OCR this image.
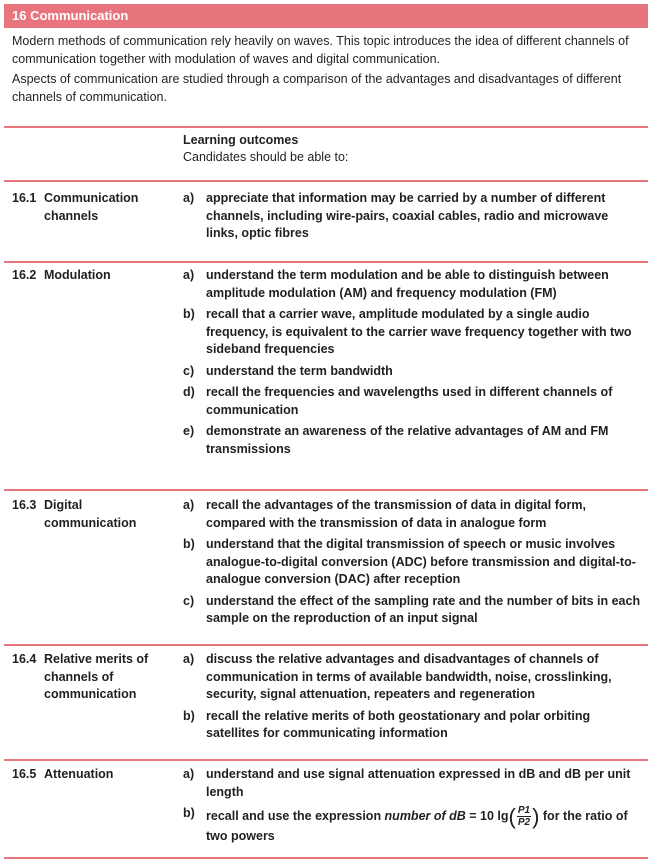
16 Communication

Modern methods of communication rely heavily on waves. This topic introduces the idea of different channels of communication together with modulation of waves and digital communication.

Aspects of communication are studied through a comparison of the advantages and disadvantages of different channels of communication.

Learning outcomes
Candidates should be able to:
16.1 Communication channels
a) appreciate that information may be carried by a number of different channels, including wire-pairs, coaxial cables, radio and microwave links, optic fibres
16.2 Modulation	a) understand the term modulation and be able to distinguish between amplitude modulation (AM) and frequency modulation (FM)
b) recall that a carrier wave, amplitude modulated by a single audio frequency, is equivalent to the carrier wave frequency together with two sideband frequencies
c) understand the term bandwidth
d) recall the frequencies and wavelengths used in different channels of communication
e) demonstrate an awareness of the relative advantages of AM and FM transmissions
16.3 Digital communication
a) recall the advantages of the transmission of data in digital form, compared with the transmission of data in analogue form
b) understand that the digital transmission of speech or music involves analogue-to-digital conversion (ADC) before transmission and digital-to-analogue conversion (DAC) after reception
c) understand the effect of the sampling rate and the number of bits in each sample on the reproduction of an input signal
16.4 Relative merits of channels of communication
a) discuss the relative advantages and disadvantages of channels of communication in terms of available bandwidth, noise, crosslinking, security, signal attenuation, repeaters and regeneration
b) recall the relative merits of both geostationary and polar orbiting satellites for communicating information
16.5 Attenuation	a) understand and use signal attenuation expressed in dB and dB per unit length
b) recall and use the expression number of dB = 10 $\lg( \frac{P1}{P2}$ ) for the ratio of two powers
